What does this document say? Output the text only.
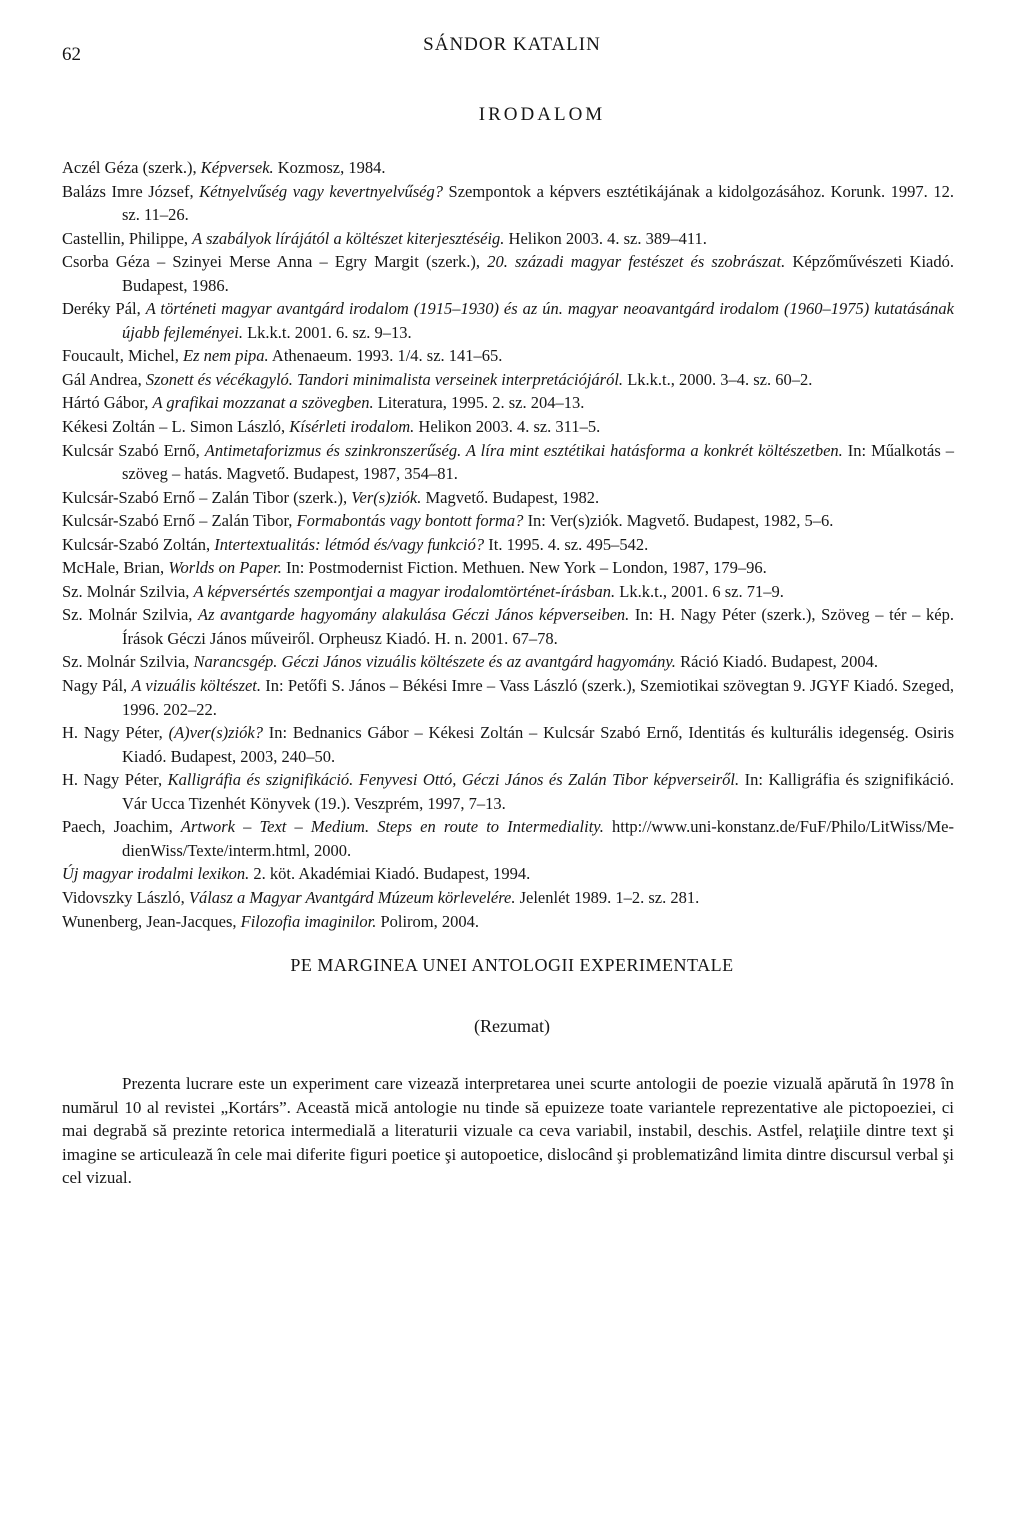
62	SÁNDOR KATALIN
IRODALOM
Aczél Géza (szerk.), Képversek. Kozmosz, 1984.
Balázs Imre József, Kétnyelvűség vagy kevertnyelvűség? Szempontok a képvers esztétikájának a kidolgozásához. Korunk. 1997. 12. sz. 11–26.
Castellin, Philippe, A szabályok lírájától a költészet kiterjesztéséig. Helikon 2003. 4. sz. 389–411.
Csorba Géza – Szinyei Merse Anna – Egry Margit (szerk.), 20. századi magyar festészet és szobrászat. Képzőművészeti Kiadó. Budapest, 1986.
Deréky Pál, A történeti magyar avantgárd irodalom (1915–1930) és az ún. magyar neoavantgárd irodalom (1960–1975) kutatásának újabb fejleményei. Lk.k.t. 2001. 6. sz. 9–13.
Foucault, Michel, Ez nem pipa. Athenaeum. 1993. 1/4. sz. 141–65.
Gál Andrea, Szonett és vécékagyló. Tandori minimalista verseinek interpretációjáról. Lk.k.t., 2000. 3–4. sz. 60–2.
Hártó Gábor, A grafikai mozzanat a szövegben. Literatura, 1995. 2. sz. 204–13.
Kékesi Zoltán – L. Simon László, Kísérleti irodalom. Helikon 2003. 4. sz. 311–5.
Kulcsár Szabó Ernő, Antimetaforizmus és szinkronszerűség. A líra mint esztétikai hatásforma a konkrét költészetben. In: Műalkotás – szöveg – hatás. Magvető. Budapest, 1987, 354–81.
Kulcsár-Szabó Ernő – Zalán Tibor (szerk.), Ver(s)ziók. Magvető. Budapest, 1982.
Kulcsár-Szabó Ernő – Zalán Tibor, Formabontás vagy bontott forma? In: Ver(s)ziók. Magvető. Budapest, 1982, 5–6.
Kulcsár-Szabó Zoltán, Intertextualitás: létmód és/vagy funkció? It. 1995. 4. sz. 495–542.
McHale, Brian, Worlds on Paper. In: Postmodernist Fiction. Methuen. New York – London, 1987, 179–96.
Sz. Molnár Szilvia, A képversértés szempontjai a magyar irodalomtörténet-írásban. Lk.k.t., 2001. 6 sz. 71–9.
Sz. Molnár Szilvia, Az avantgarde hagyomány alakulása Géczi János képverseiben. In: H. Nagy Péter (szerk.), Szöveg – tér – kép. Írások Géczi János műveiről. Orpheusz Kiadó. H. n. 2001. 67–78.
Sz. Molnár Szilvia, Narancsgép. Géczi János vizuális költészete és az avantgárd hagyomány. Ráció Kiadó. Budapest, 2004.
Nagy Pál, A vizuális költészet. In: Petőfi S. János – Békési Imre – Vass László (szerk.), Szemiotikai szövegtan 9. JGYF Kiadó. Szeged, 1996. 202–22.
H. Nagy Péter, (A)ver(s)ziók? In: Bednanics Gábor – Kékesi Zoltán – Kulcsár Szabó Ernő, Identitás és kulturális idegenség. Osiris Kiadó. Budapest, 2003, 240–50.
H. Nagy Péter, Kalligráfia és szignifikáció. Fenyvesi Ottó, Géczi János és Zalán Tibor képverseiről. In: Kalligráfia és szignifikáció. Vár Ucca Tizenhét Könyvek (19.). Veszprém, 1997, 7–13.
Paech, Joachim, Artwork – Text – Medium. Steps en route to Intermediality. http://www.uni-konstanz.de/FuF/Philo/LitWiss/Me-dienWiss/Texte/interm.html, 2000.
Új magyar irodalmi lexikon. 2. köt. Akadémiai Kiadó. Budapest, 1994.
Vidovszky László, Válasz a Magyar Avantgárd Múzeum körlevelére. Jelenlét 1989. 1–2. sz. 281.
Wunenberg, Jean-Jacques, Filozofia imaginilor. Polirom, 2004.
PE MARGINEA UNEI ANTOLOGII EXPERIMENTALE
(Rezumat)

Prezenta lucrare este un experiment care vizează interpretarea unei scurte antologii de poezie vizuală apărută în 1978 în numărul 10 al revistei „Kortárs”. Această mică antologie nu tinde să epuizeze toate variantele reprezentative ale pictopoeziei, ci mai degrabă să prezinte retorica intermedială a literaturii vizuale ca ceva variabil, instabil, deschis. Astfel, relaţiile dintre text şi imagine se articulează în cele mai diferite figuri poetice şi autopoetice, dislocând şi problematizând limita dintre discursul verbal şi cel vizual.
